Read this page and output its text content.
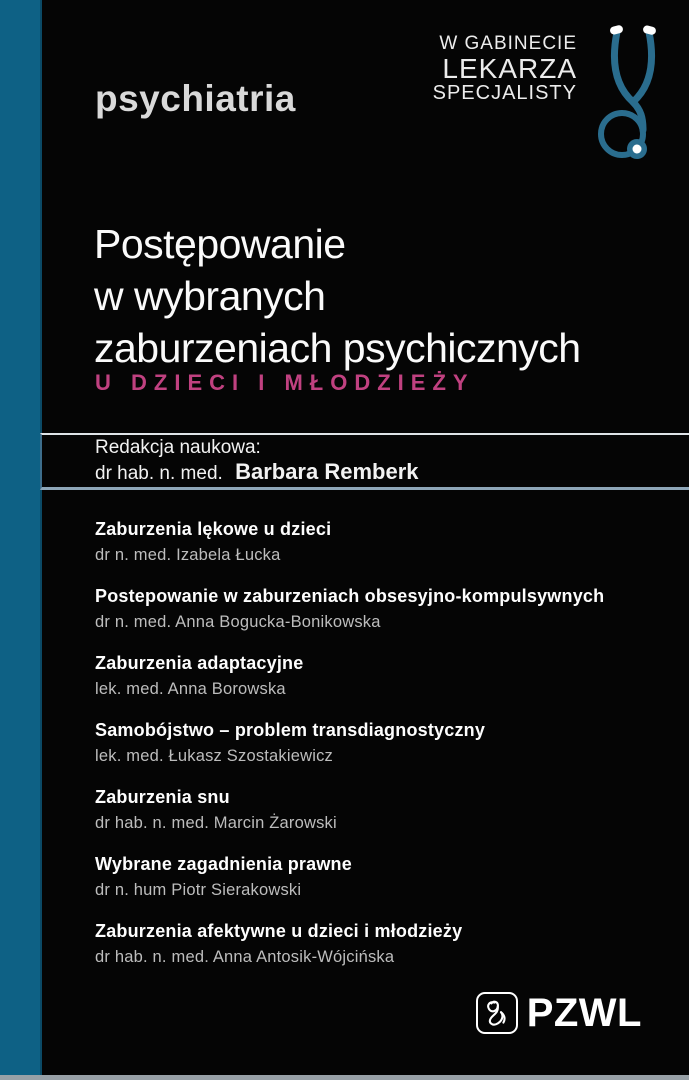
psychiatria
W GABINECIE
LEKARZA
SPECJALISTY
Postępowanie
w wybranych
zaburzeniach psychicznych
U DZIECI I MŁODZIEŻY
Redakcja naukowa:
dr hab. n. med. Barbara Remberk
Zaburzenia lękowe u dzieci
dr n. med. Izabela Łucka
Postepowanie w zaburzeniach obsesyjno-kompulsywnych
dr n. med. Anna Bogucka-Bonikowska
Zaburzenia adaptacyjne
lek. med. Anna Borowska
Samobójstwo – problem transdiagnostyczny
lek. med. Łukasz Szostakiewicz
Zaburzenia snu
dr hab. n. med. Marcin Żarowski
Wybrane zagadnienia prawne
dr n. hum Piotr Sierakowski
Zaburzenia afektywne u dzieci i młodzieży
dr hab. n. med. Anna Antosik-Wójcińska
PZWL
